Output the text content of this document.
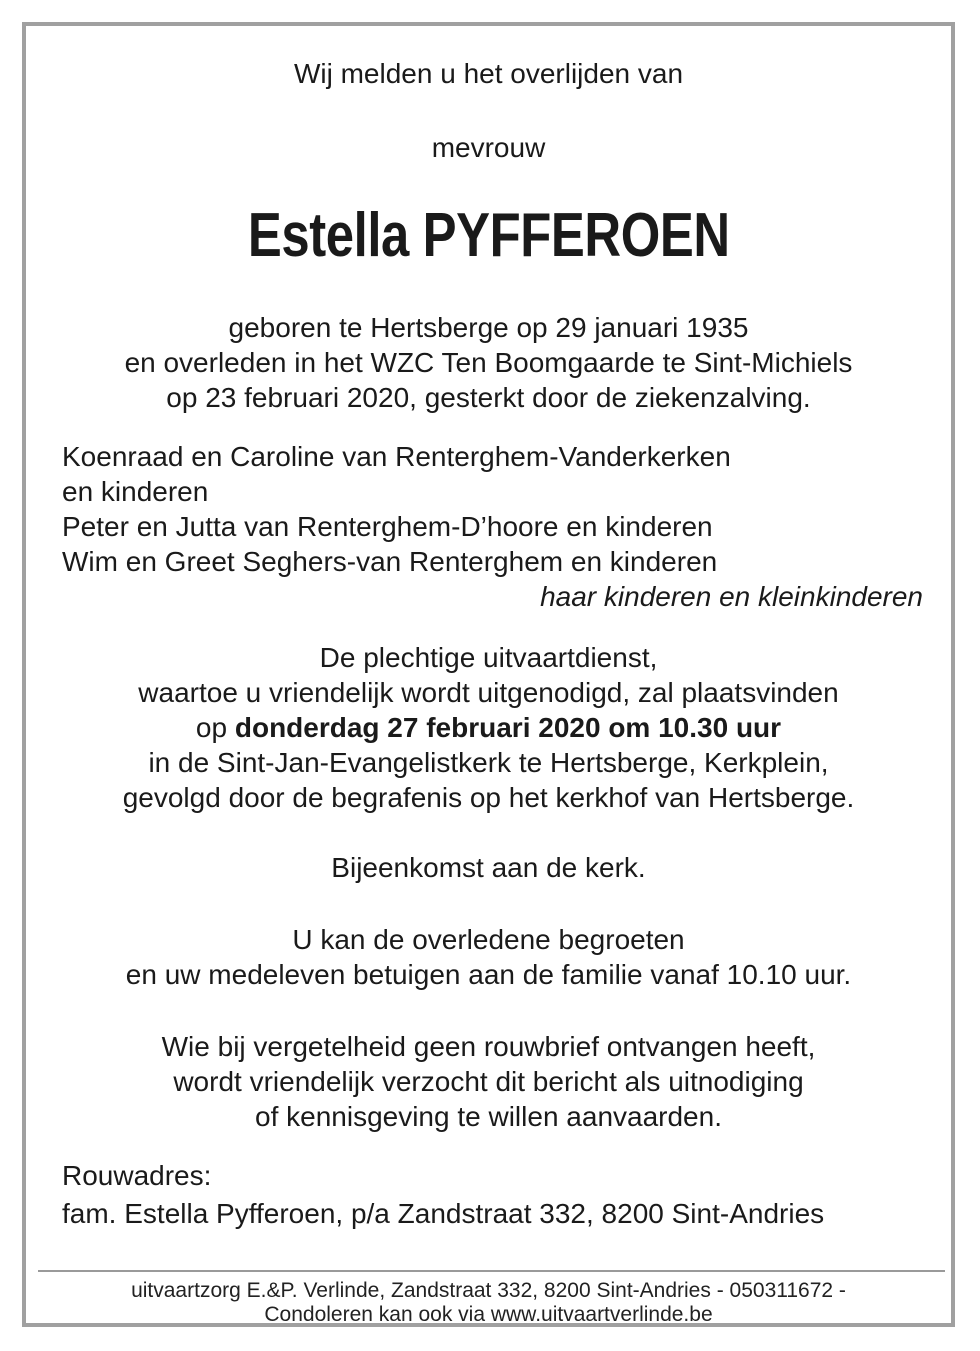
Wij melden u het overlijden van
mevrouw
Estella PYFFEROEN
geboren te Hertsberge op 29 januari 1935
en overleden in het WZC Ten Boomgaarde te Sint-Michiels
op 23 februari 2020, gesterkt door de ziekenzalving.
Koenraad en Caroline van Renterghem-Vanderkerken
en kinderen
Peter en Jutta van Renterghem-D’hoore en kinderen
Wim en Greet Seghers-van Renterghem en kinderen
haar kinderen en kleinkinderen
De plechtige uitvaartdienst,
waartoe u vriendelijk wordt uitgenodigd, zal plaatsvinden
op donderdag 27 februari 2020 om 10.30 uur
in de Sint-Jan-Evangelistkerk te Hertsberge, Kerkplein,
gevolgd door de begrafenis op het kerkhof van Hertsberge.
Bijeenkomst aan de kerk.
U kan de overledene begroeten
en uw medeleven betuigen aan de familie vanaf 10.10 uur.
Wie bij vergetelheid geen rouwbrief ontvangen heeft,
wordt vriendelijk verzocht dit bericht als uitnodiging
of kennisgeving te willen aanvaarden.
Rouwadres:
fam. Estella Pyfferoen, p/a Zandstraat 332, 8200 Sint-Andries
uitvaartzorg E.&P. Verlinde, Zandstraat 332, 8200 Sint-Andries - 050311672 -
Condoleren kan ook via www.uitvaartverlinde.be
